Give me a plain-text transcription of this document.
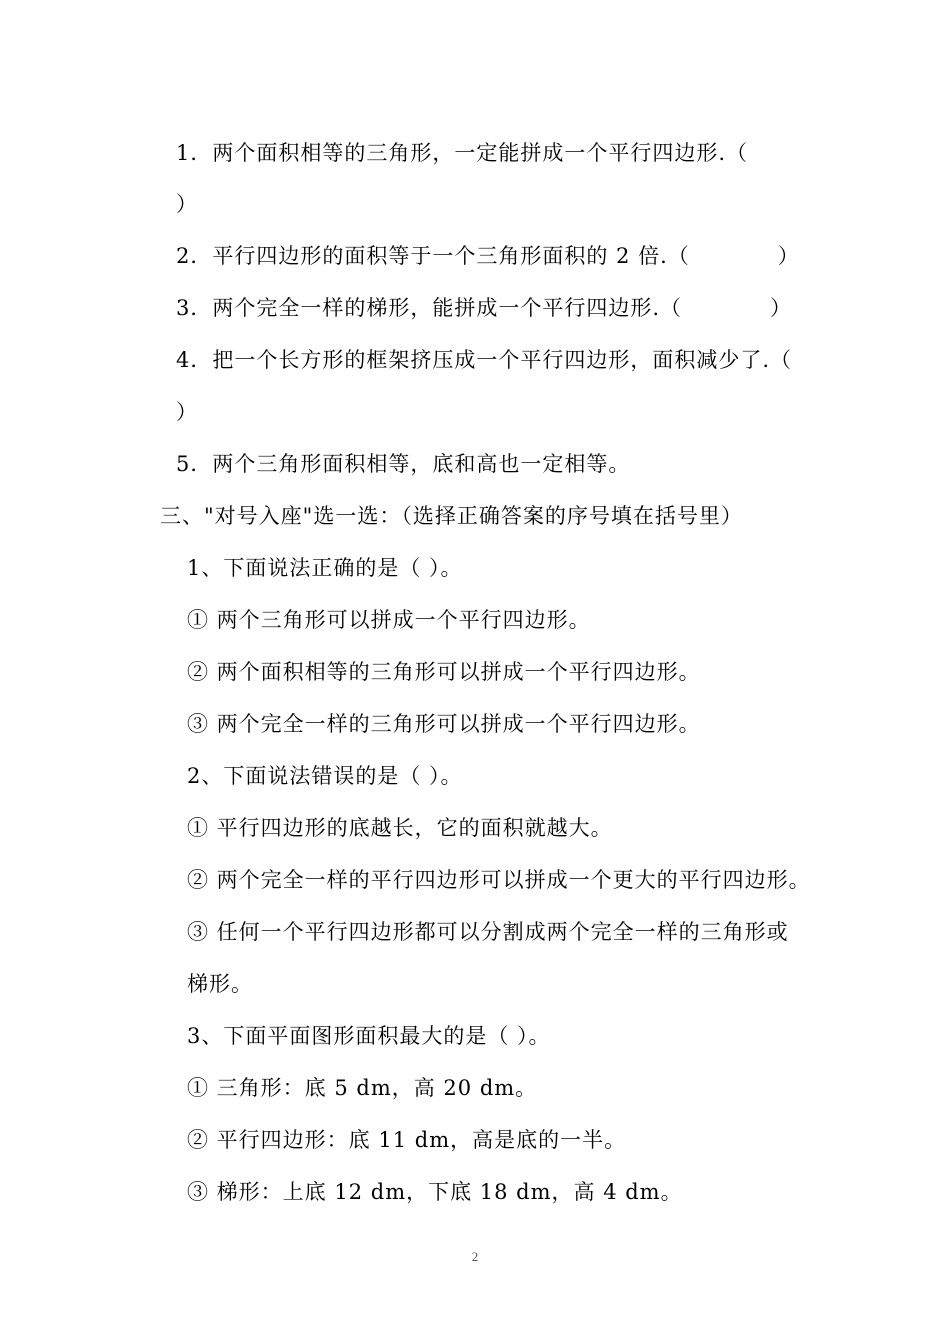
1．两个面积相等的三角形，一定能拼成一个平行四边形.（
）
2．平行四边形的面积等于一个三角形面积的 2 倍.（　　　　）
3．两个完全一样的梯形，能拼成一个平行四边形.（　　　　）
4．把一个长方形的框架挤压成一个平行四边形，面积减少了.（
）
5．两个三角形面积相等，底和高也一定相等。
三、"对号入座"选一选：（选择正确答案的序号填在括号里）
1、下面说法正确的是（ ）。
① 两个三角形可以拼成一个平行四边形。
② 两个面积相等的三角形可以拼成一个平行四边形。
③ 两个完全一样的三角形可以拼成一个平行四边形。
2、下面说法错误的是（ ）。
① 平行四边形的底越长，它的面积就越大。
② 两个完全一样的平行四边形可以拼成一个更大的平行四边形。
③ 任何一个平行四边形都可以分割成两个完全一样的三角形或
梯形。
3、下面平面图形面积最大的是（ ）。
① 三角形：底 5 dm，高 20 dm。
② 平行四边形：底 11 dm，高是底的一半。
③ 梯形：上底 12 dm，下底 18 dm，高 4 dm。
2
